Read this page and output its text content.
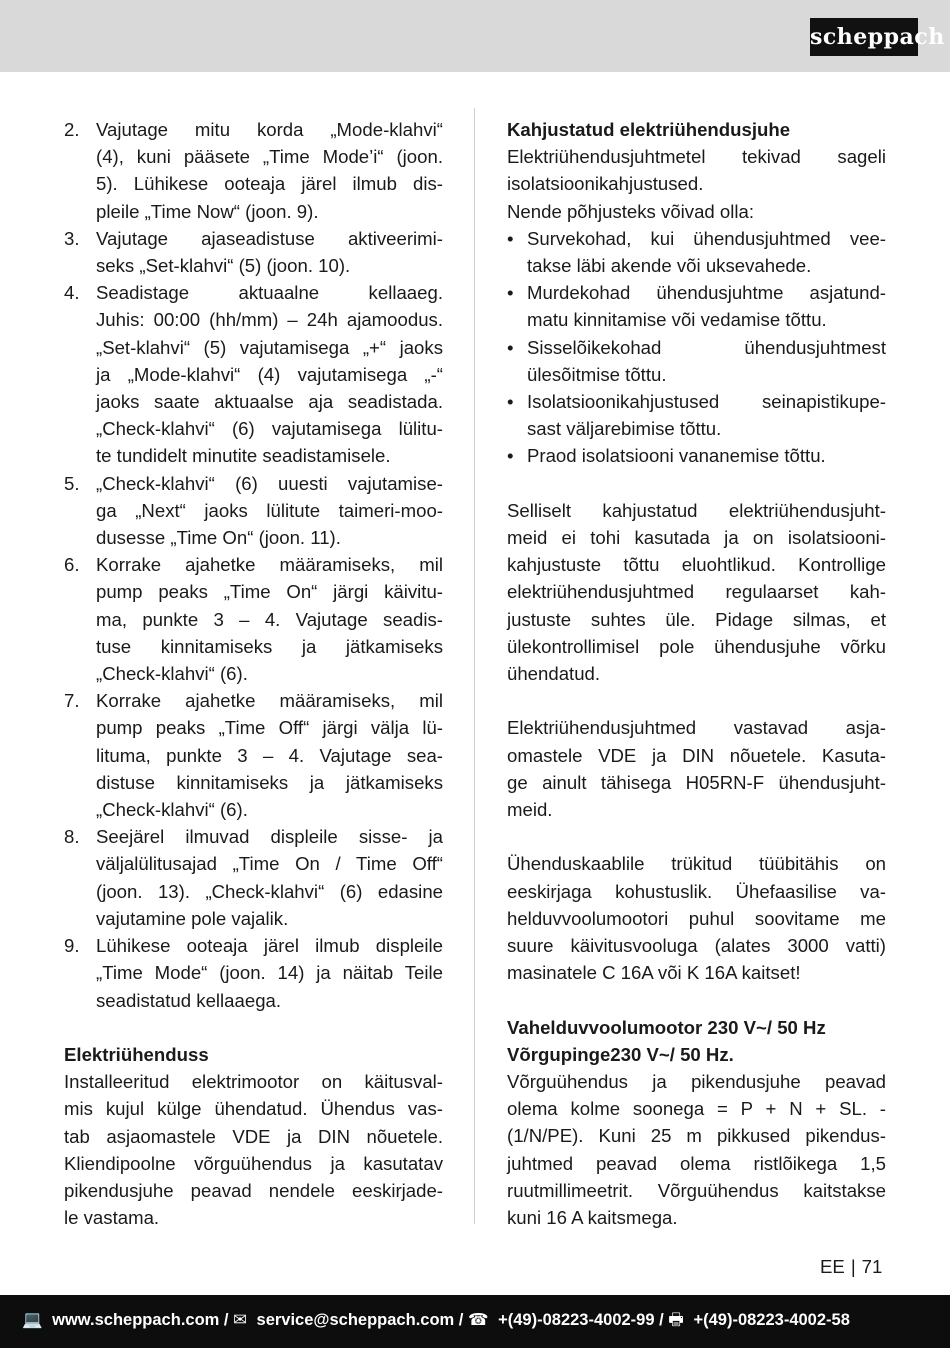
scheppach
2. Vajutage mitu korda „Mode-klahvi“
(4), kuni pääsete „Time Mode’i“ (joon.
5). Lühikese ooteaja järel ilmub dis-
pleile „Time Now“ (joon. 9).
3. Vajutage ajaseadistuse aktiveerimi-
seks „Set-klahvi“ (5) (joon. 10).
4. Seadistage aktuaalne kellaaeg.
Juhis: 00:00 (hh/mm) – 24h ajamoodus.
„Set-klahvi“ (5) vajutamisega „+“ jaoks
ja „Mode-klahvi“ (4) vajutamisega „-“
jaoks saate aktuaalse aja seadistada.
„Check-klahvi“ (6) vajutamisega lülitu-
te tundidelt minutite seadistamisele.
5. „Check-klahvi“ (6) uuesti vajutamise-
ga „Next“ jaoks lülitute taimeri-moo-
dusesse „Time On“ (joon. 11).
6. Korrake ajahetke määramiseks, mil
pump peaks „Time On“ järgi käivitu-
ma, punkte 3 – 4. Vajutage seadis-
tuse kinnitamiseks ja jätkamiseks
„Check-klahvi“ (6).
7. Korrake ajahetke määramiseks, mil
pump peaks „Time Off“ järgi välja lü-
lituma, punkte 3 – 4. Vajutage sea-
distuse kinnitamiseks ja jätkamiseks
„Check-klahvi“ (6).
8. Seejärel ilmuvad displeile sisse- ja
väljalülitusajad „Time On / Time Off“
(joon. 13). „Check-klahvi“ (6) edasine
vajutamine pole vajalik.
9. Lühikese ooteaja järel ilmub displeile
„Time Mode“ (joon. 14) ja näitab Teile
seadistatud kellaaega.
Elektriühenduss
Installeeritud elektrimootor on käitusval-
mis kujul külge ühendatud. Ühendus vas-
tab asjaomastele VDE ja DIN nõuetele.
Kliendipoolne võrguühendus ja kasutatav
pikendusjuhe peavad nendele eeskirjade-
le vastama.
Kahjustatud elektriühendusjuhe
Elektriühendusjuhtmetel tekivad sageli
isolatsioonikahjustused.
Nende põhjusteks võivad olla:
• Survekohad, kui ühendusjuhtmed vee-
takse läbi akende või uksevahede.
• Murdekohad ühendusjuhtme asjatund-
matu kinnitamise või vedamise tõttu.
• Sisselõikekohad ühendusjuhtmest
ülesõitmise tõttu.
• Isolatsioonikahjustused seinapistikupe-
sast väljarebimise tõttu.
• Praod isolatsiooni vananemise tõttu.
Selliselt kahjustatud elektriühendusjuht-
meid ei tohi kasutada ja on isolatsiooni-
kahjustuste tõttu eluohtlikud. Kontrollige
elektriühendusjuhtmed regulaarset kah-
justuste suhtes üle. Pidage silmas, et
ülekontrollimisel pole ühendusjuhe võrku
ühendatud.
Elektriühendusjuhtmed vastavad asja-
omastele VDE ja DIN nõuetele. Kasuta-
ge ainult tähisega H05RN-F ühendusjuht-
meid.
Ühenduskaablile trükitud tüübitähis on
eeskirjaga kohustuslik. Ühefaasilise va-
helduvvoolumootori puhul soovitame me
suure käivitusvooluga (alates 3000 vatti)
masinatele C 16A või K 16A kaitset!
Vahelduvvoolumootor 230 V~/ 50 Hz
Võrgupinge230 V~/ 50 Hz.
Võrguühendus ja pikendusjuhe peavad
olema kolme soonega = P + N + SL. -
(1/N/PE). Kuni 25 m pikkused pikendus-
juhtmed peavad olema ristlõikega 1,5
ruutmillimeetrit. Võrguühendus kaitstakse
kuni 16 A kaitsmega.
EE | 71
💻 www.scheppach.com / ✉ service@scheppach.com / ☎ +(49)-08223-4002-99 / 🖶 +(49)-08223-4002-58
